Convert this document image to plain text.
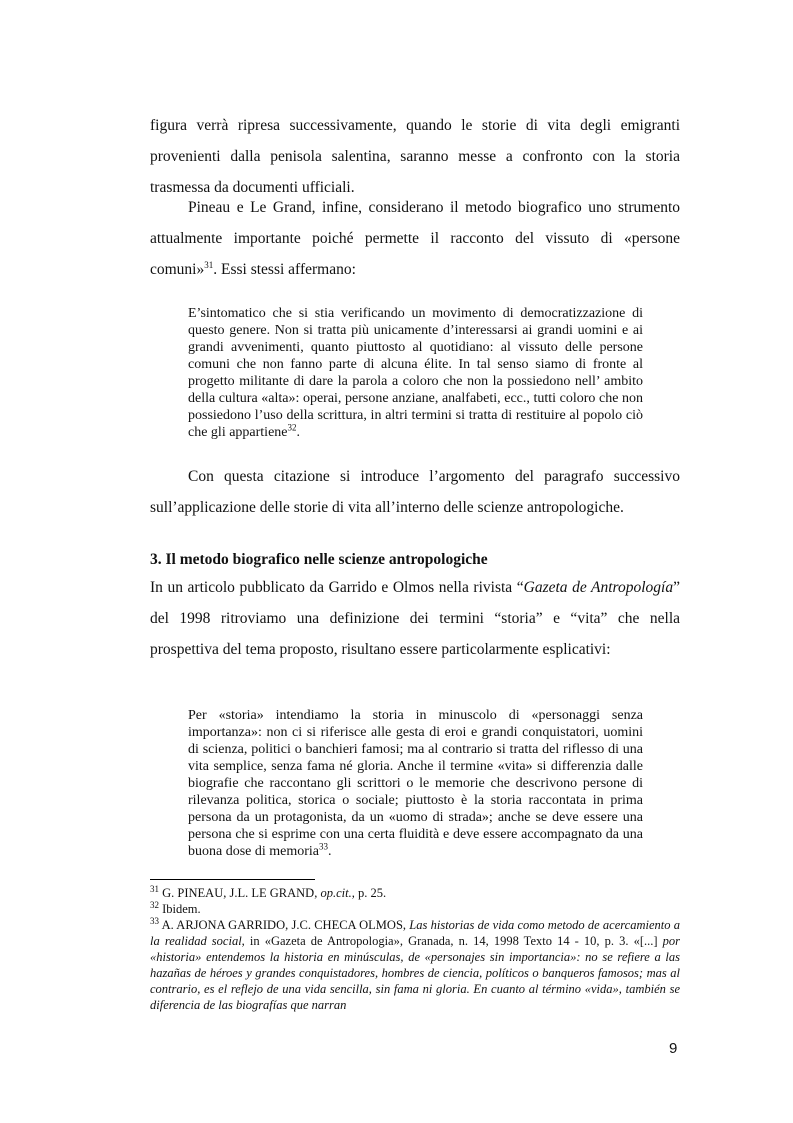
figura verrà ripresa successivamente, quando le storie di vita degli emigranti provenienti dalla penisola salentina, saranno messe a confronto con la storia trasmessa da documenti ufficiali.

Pineau e Le Grand, infine, considerano il metodo biografico uno strumento attualmente importante poiché permette il racconto del vissuto di «persone comuni»$^{31}$. Essi stessi affermano:

E’sintomatico che si stia verificando un movimento di democratizzazione di questo genere. Non si tratta più unicamente d’interessarsi ai grandi uomini e ai grandi avvenimenti, quanto piuttosto al quotidiano: al vissuto delle persone comuni che non fanno parte di alcuna élite. In tal senso siamo di fronte al progetto militante di dare la parola a coloro che non la possiedono nell’ ambito della cultura «alta»: operai, persone anziane, analfabeti, ecc., tutti coloro che non possiedono l’uso della scrittura, in altri termini si tratta di restituire al popolo ciò che gli appartiene$^{32}$.

Con questa citazione si introduce l’argomento del paragrafo successivo sull’applicazione delle storie di vita all’interno delle scienze antropologiche.

3. Il metodo biografico nelle scienze antropologiche

In un articolo pubblicato da Garrido e Olmos nella rivista “Gazeta de Antropología” del 1998 ritroviamo una definizione dei termini “storia” e “vita” che nella prospettiva del tema proposto, risultano essere particolarmente esplicativi:

Per «storia» intendiamo la storia in minuscolo di «personaggi senza importanza»: non ci si riferisce alle gesta di eroi e grandi conquistatori, uomini di scienza, politici o banchieri famosi; ma al contrario si tratta del riflesso di una vita semplice, senza fama né gloria. Anche il termine «vita» si differenzia dalle biografie che raccontano gli scrittori o le memorie che descrivono persone di rilevanza politica, storica o sociale; piuttosto è la storia raccontata in prima persona da un protagonista, da un «uomo di strada»; anche se deve essere una persona che si esprime con una certa fluidità e deve essere accompagnato da una buona dose di memoria$^{33}$.

$^{31}$ G. PINEAU, J.L. LE GRAND, op.cit., p. 25.

$^{32}$ Ibidem.

$^{33}$ A. ARJONA GARRIDO, J.C. CHECA OLMOS, Las historias de vida como metodo de acercamiento a la realidad social, in «Gazeta de Antropologia», Granada, n. 14, 1998 Texto 14 - 10, p. 3. «[...] por «historia» entendemos la historia en minúsculas, de «personajes sin importancia»: no se refiere a las hazañas de héroes y grandes conquistadores, hombres de ciencia, políticos o banqueros famosos; mas al contrario, es el reflejo de una vida sencilla, sin fama ni gloria. En cuanto al término «vida», también se diferencia de las biografías que narran

9
